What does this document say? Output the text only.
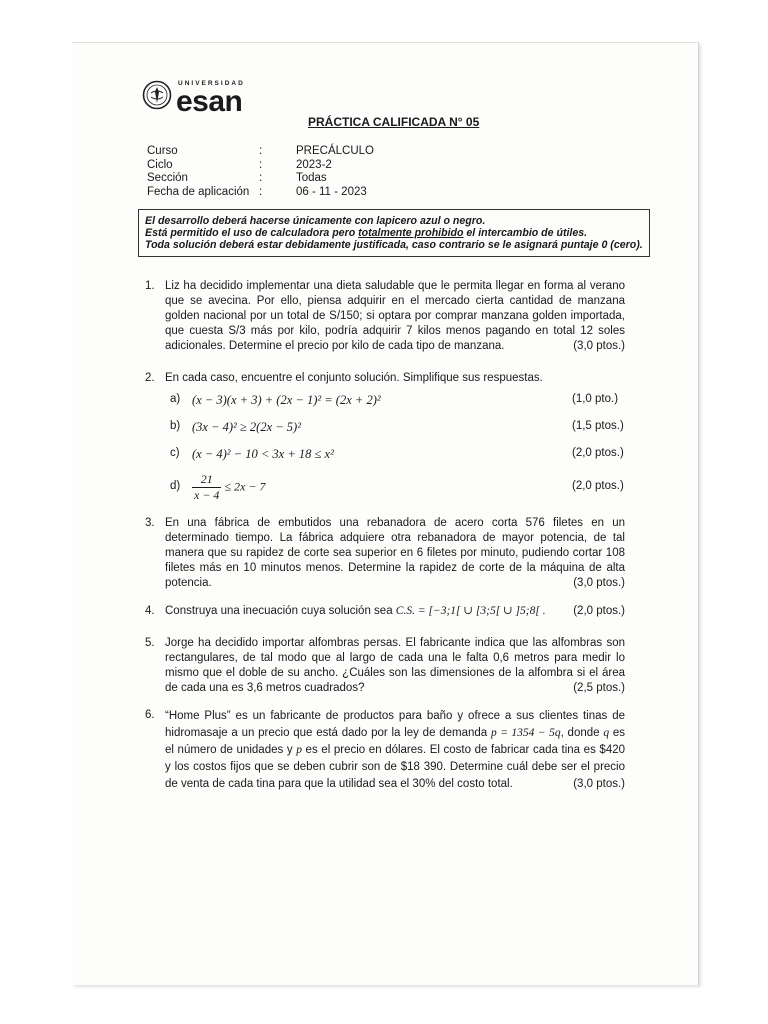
UNIVERSIDAD
esan
PRÁCTICA CALIFICADA N° 05
Curso	:	PRECÁLCULO
Ciclo	:	2023-2
Sección	:	Todas
Fecha de aplicación :	06 - 11 - 2023
El desarrollo deberá hacerse únicamente con lapicero azul o negro.
Está permitido el uso de calculadora pero totalmente prohibido el intercambio de útiles.
Toda solución deberá estar debidamente justificada, caso contrario se le asignará puntaje 0 (cero).
1. Liz ha decidido implementar una dieta saludable que le permita llegar en forma al verano que se avecina. Por ello, piensa adquirir en el mercado cierta cantidad de manzana golden nacional por un total de S/150; si optara por comprar manzana golden importada, que cuesta S/3 más por kilo, podría adquirir 7 kilos menos pagando en total 12 soles adicionales. Determine el precio por kilo de cada tipo de manzana.	(3,0 ptos.)
2. En cada caso, encuentre el conjunto solución. Simplifique sus respuestas.
a) (x − 3)(x + 3) + (2x − 1)² = (2x + 2)²	(1,0 pto.)
b) (3x − 4)² ≥ 2(2x − 5)²	(1,5 ptos.)
c) (x − 4)² − 10 < 3x + 18 ≤ x²	(2,0 ptos.)
$d) \frac{21}{x - 4} \le 2x - 7$	(2,0 ptos.)
3. En una fábrica de embutidos una rebanadora de acero corta 576 filetes en un determinado tiempo. La fábrica adquiere otra rebanadora de mayor potencia, de tal manera que su rapidez de corte sea superior en 6 filetes por minuto, pudiendo cortar 108 filetes más en 10 minutos menos. Determine la rapidez de corte de la máquina de alta potencia.	(3,0 ptos.)
4. Construya una inecuación cuya solución sea C.S. = [−3;1[ ∪ [3;5[ ∪ ]5;8[ . (2,0 ptos.)
5. Jorge ha decidido importar alfombras persas. El fabricante indica que las alfombras son rectangulares, de tal modo que al largo de cada una le falta 0,6 metros para medir lo mismo que el doble de su ancho. ¿Cuáles son las dimensiones de la alfombra si el área de cada una es 3,6 metros cuadrados?	(2,5 ptos.)
6. “Home Plus” es un fabricante de productos para baño y ofrece a sus clientes tinas de hidromasaje a un precio que está dado por la ley de demanda p = 1354 − 5q, donde q es el número de unidades y p es el precio en dólares. El costo de fabricar cada tina es $420 y los costos fijos que se deben cubrir son de $18 390. Determine cuál debe ser el precio de venta de cada tina para que la utilidad sea el 30% del costo total.	(3,0 ptos.)
